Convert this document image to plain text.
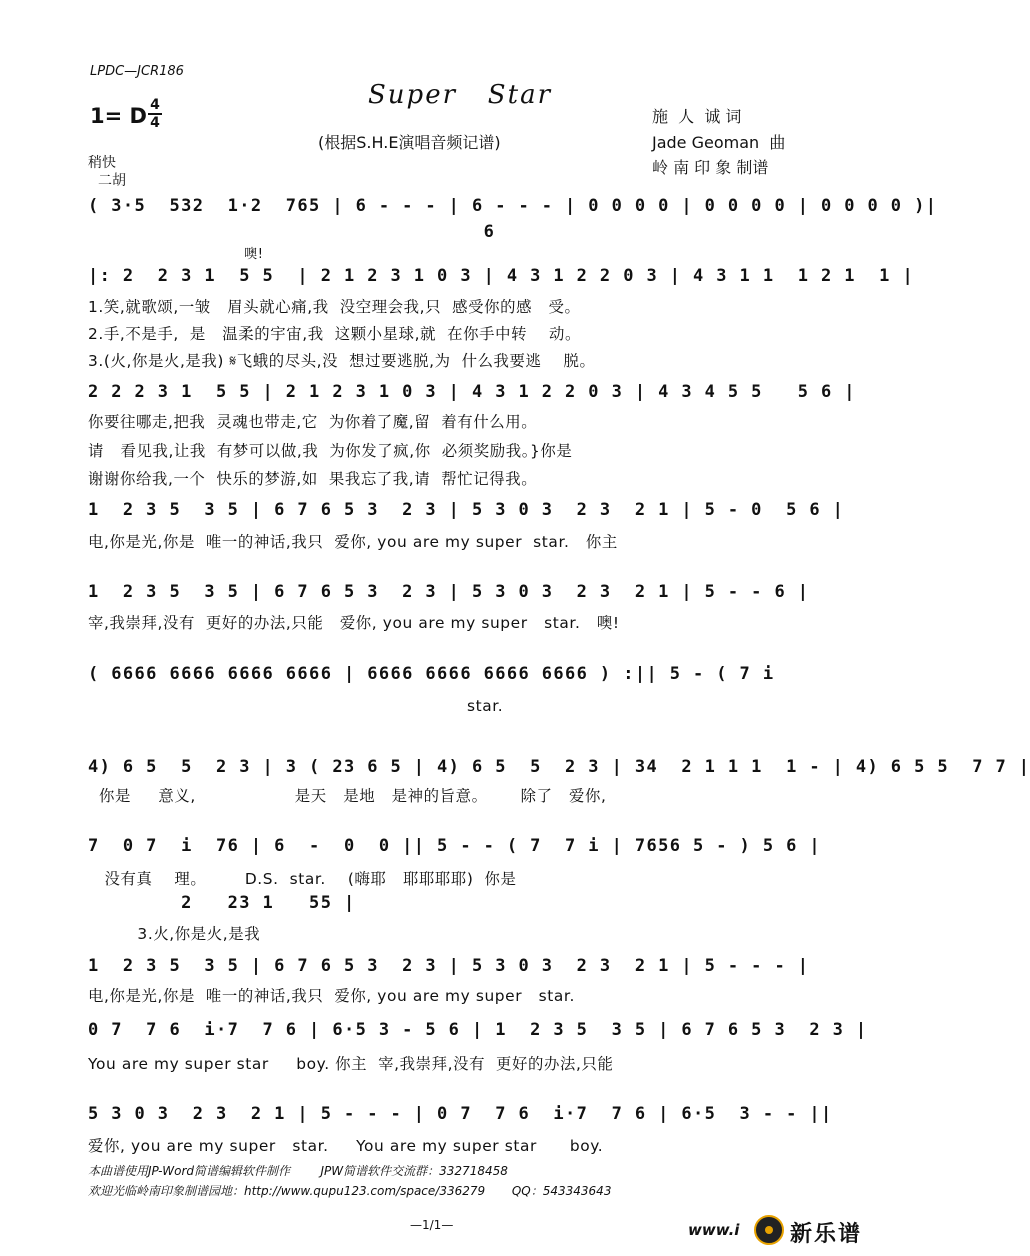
LPDC—JCR186
Super   Star
1= D 4
4
(根据S.H.E演唱音频记谱)
施  人  诚 词
Jade Geoman  曲
岭 南 印 象 制谱
稍快
二胡
( 3·5  532  1·2  765 | 6 - - - | 6 - - - | 0 0 0 0 | 0 0 0 0 | 0 0 0 0 )|
6
噢!
|: 2  2 3 1  5 5  | 2 1 2 3 1 0 3 | 4 3 1 2 2 0 3 | 4 3 1 1  1 2 1  1 |
1.笑,就歌颂,一皱   眉头就心痛,我  没空理会我,只  感受你的感   受。
2.手,不是手,  是   温柔的宇宙,我  这颗小星球,就  在你手中转    动。
3.(火,你是火,是我) 𝄋飞蛾的尽头,没  想过要逃脱,为  什么我要逃    脱。
2 2 2 3 1  5 5 | 2 1 2 3 1 0 3 | 4 3 1 2 2 0 3 | 4 3 4 5 5   5 6 |
你要往哪走,把我  灵魂也带走,它  为你着了魔,留  着有什么用。
请   看见我,让我  有梦可以做,我  为你发了疯,你  必须奖励我。}你是
谢谢你给我,一个  快乐的梦游,如  果我忘了我,请  帮忙记得我。
1  2 3 5  3 5 | 6 7 6 5 3  2 3 | 5 3 0 3  2 3  2 1 | 5 - 0  5 6 |
电,你是光,你是  唯一的神话,我只  爱你, you are my super  star.   你主
1  2 3 5  3 5 | 6 7 6 5 3  2 3 | 5 3 0 3  2 3  2 1 | 5 - - 6 |
宰,我崇拜,没有  更好的办法,只能   爱你, you are my super   star.   噢!
( 6666 6666 6666 6666 | 6666 6666 6666 6666 ) :|| 5 - ( 7 i
star.
4) 6 5  5  2 3 | 3 ( 23 6 5 | 4) 6 5  5  2 3 | 34  2 1 1 1  1 - | 4) 6 5 5  7 7 |
你是     意义,                  是天   是地   是神的旨意。      除了   爱你,
7  0 7  i  76 | 6  -  0  0 || 5 - - ( 7  7 i | 7656 5 - ) 5 6 |
没有真    理。       D.S.  star.    (嗨耶   耶耶耶耶)  你是
2   23 1   55 |
3.火,你是火,是我
1  2 3 5  3 5 | 6 7 6 5 3  2 3 | 5 3 0 3  2 3  2 1 | 5 - - - |
电,你是光,你是  唯一的神话,我只  爱你, you are my super   star.
0 7  7 6  i·7  7 6 | 6·5 3 - 5 6 | 1  2 3 5  3 5 | 6 7 6 5 3  2 3 |
You are my super star     boy. 你主  宰,我崇拜,没有  更好的办法,只能
5 3 0 3  2 3  2 1 | 5 - - - | 0 7  7 6  i·7  7 6 | 6·5  3 - - ||
爱你, you are my super   star.     You are my super star      boy.
本曲谱使用JP-Word简谱编辑软件制作        JPW简谱软件交流群：332718458
欢迎光临岭南印象制谱园地：http://www.qupu123.com/space/336279       QQ：543343643
—1/1—	www.i 新乐谱
